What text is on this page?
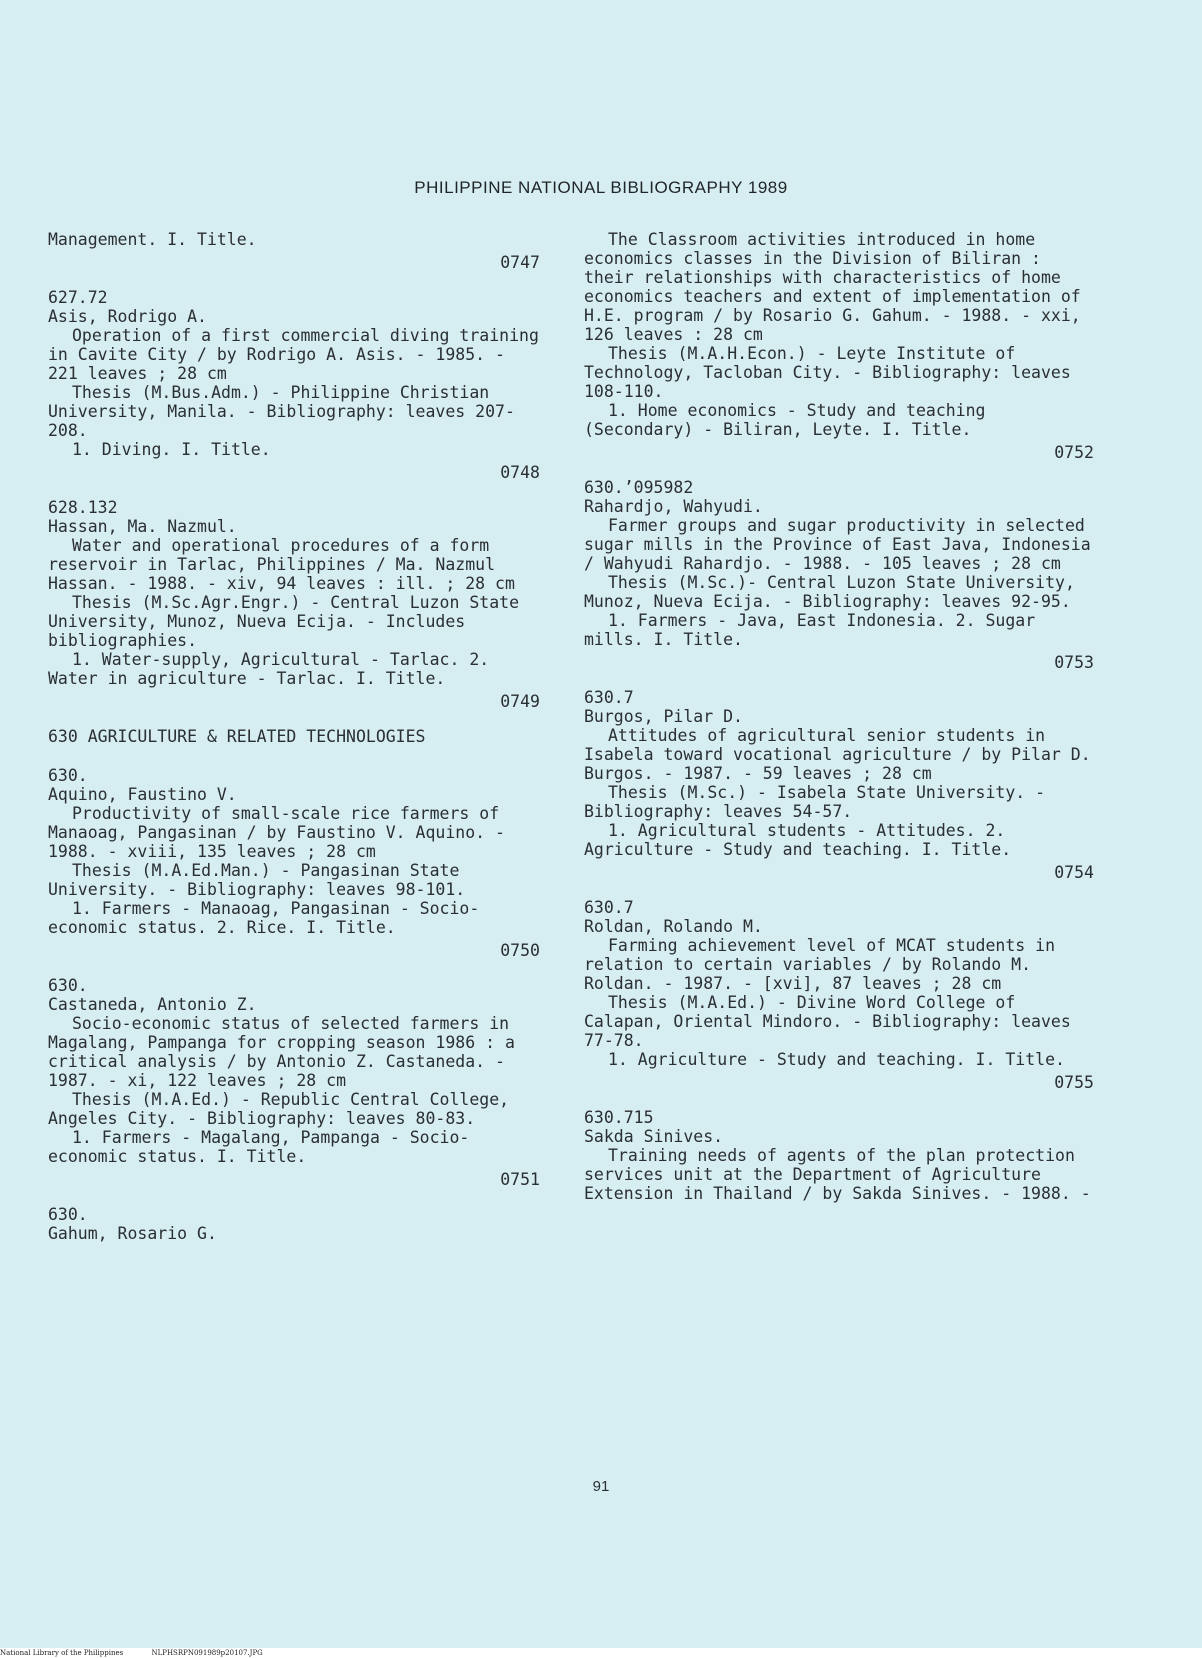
PHILIPPINE NATIONAL BIBLIOGRAPHY 1989
Management. I. Title.
0747
627.72
Asis, Rodrigo A.

Operation of a first commercial diving training in Cavite City / by Rodrigo A. Asis. - 1985. - 221 leaves ; 28 cm

Thesis (M.Bus.Adm.) - Philippine Christian University, Manila. - Bibliography: leaves 207-208.

1. Diving. I. Title.

0748
628.132
Hassan, Ma. Nazmul.

Water and operational procedures of a form reservoir in Tarlac, Philippines / Ma. Nazmul Hassan. - 1988. - xiv, 94 leaves : ill. ; 28 cm

Thesis (M.Sc.Agr.Engr.) - Central Luzon State University, Munoz, Nueva Ecija. - Includes bibliographies.

1. Water-supply, Agricultural - Tarlac. 2. Water in agriculture - Tarlac. I. Title.

0749
630 AGRICULTURE & RELATED TECHNOLOGIES
630.
Aquino, Faustino V.

Productivity of small-scale rice farmers of Manaoag, Pangasinan / by Faustino V. Aquino. - 1988. - xviii, 135 leaves ; 28 cm

Thesis (M.A.Ed.Man.) - Pangasinan State University. - Bibliography: leaves 98-101.

1. Farmers - Manaoag, Pangasinan - Socio-economic status. 2. Rice. I. Title.

0750
630.
Castaneda, Antonio Z.

Socio-economic status of selected farmers in Magalang, Pampanga for cropping season 1986 : a critical analysis / by Antonio Z. Castaneda. - 1987. - xi, 122 leaves ; 28 cm

Thesis (M.A.Ed.) - Republic Central College, Angeles City. - Bibliography: leaves 80-83.

1. Farmers - Magalang, Pampanga - Socio-economic status. I. Title.

0751
630.
Gahum, Rosario G.

The Classroom activities introduced in home economics classes in the Division of Biliran : their relationships with characteristics of home economics teachers and extent of implementation of H.E. program / by Rosario G. Gahum. - 1988. - xxi, 126 leaves : 28 cm

Thesis (M.A.H.Econ.) - Leyte Institute of Technology, Tacloban City. - Bibliography: leaves 108-110.

1. Home economics - Study and teaching (Secondary) - Biliran, Leyte. I. Title.

0752
630.’095982
Rahardjo, Wahyudi.

Farmer groups and sugar productivity in selected sugar mills in the Province of East Java, Indonesia / Wahyudi Rahardjo. - 1988. - 105 leaves ; 28 cm

Thesis (M.Sc.)- Central Luzon State University, Munoz, Nueva Ecija. - Bibliography: leaves 92-95.

1. Farmers - Java, East Indonesia. 2. Sugar mills. I. Title.

0753
630.7
Burgos, Pilar D.

Attitudes of agricultural senior students in Isabela toward vocational agriculture / by Pilar D. Burgos. - 1987. - 59 leaves ; 28 cm

Thesis (M.Sc.) - Isabela State University. - Bibliography: leaves 54-57.

1. Agricultural students - Attitudes. 2. Agriculture - Study and teaching. I. Title.

0754
630.7
Roldan, Rolando M.

Farming achievement level of MCAT students in relation to certain variables / by Rolando M. Roldan. - 1987. - [xvi], 87 leaves ; 28 cm

Thesis (M.A.Ed.) - Divine Word College of Calapan, Oriental Mindoro. - Bibliography: leaves 77-78.

1. Agriculture - Study and teaching. I. Title.

0755
630.715
Sakda Sinives.

Training needs of agents of the plan protection services unit at the Department of Agriculture Extension in Thailand / by Sakda Sinives. - 1988. -

91
National Library of the Philippines	NLPHSRPN091989p20107.JPG
